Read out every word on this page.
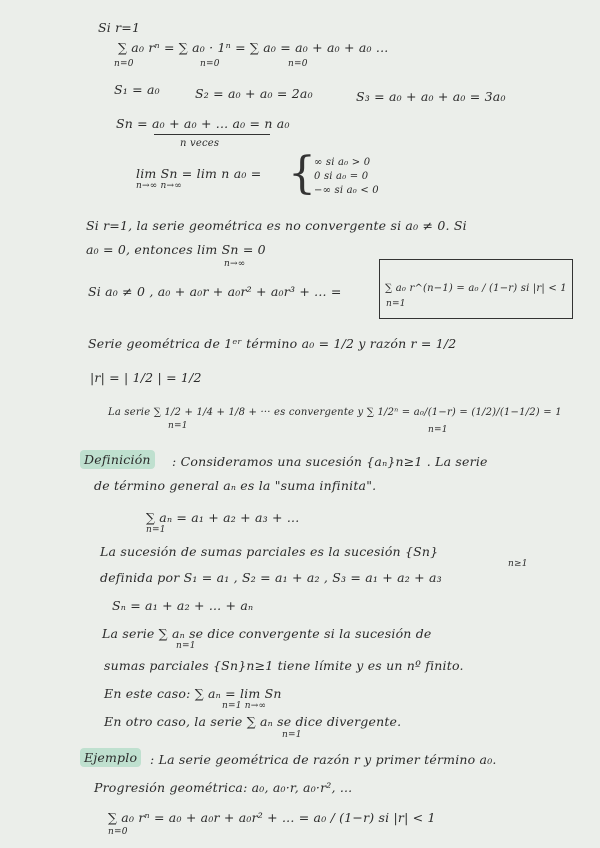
Si r=1
∑ a₀ rⁿ = ∑ a₀ · 1ⁿ = ∑ a₀ = a₀ + a₀ + a₀ ...
n=0	n=0	n=0
S₁ = a₀	S₂ = a₀ + a₀ = 2a₀	S₃ = a₀ + a₀ + a₀ = 3a₀
Sn = a₀ + a₀ + ... a₀ = n a₀
n veces
lim Sn = lim n a₀ =
n→∞ n→∞ {
∞ si a₀ > 0
0 si a₀ = 0
−∞ si a₀ < 0
Si r=1, la serie geométrica es no convergente si a₀ ≠ 0. Si
a₀ = 0, entonces lim Sn = 0
n→∞
Si a₀ ≠ 0 , a₀ + a₀r + a₀r² + a₀r³ + ... =	∑ a₀ r^(n−1) = a₀ / (1−r) si |r| < 1
n=1
Serie geométrica de 1ᵉʳ término a₀ = 1/2 y razón r = 1/2
|r| = | 1/2 | = 1/2
La serie ∑ 1/2 + 1/4 + 1/8 + ··· es convergente y ∑ 1/2ⁿ = a₀/(1−r) = (1/2)/(1−1/2) = 1
n=1	n=1
Definición	: Consideramos una sucesión {aₙ}n≥1 . La serie
de término general aₙ es la "suma infinita".
∑ aₙ = a₁ + a₂ + a₃ + ...
n=1
La sucesión de sumas parciales es la sucesión {Sn}
n≥1
definida por S₁ = a₁ , S₂ = a₁ + a₂ , S₃ = a₁ + a₂ + a₃
Sₙ = a₁ + a₂ + ... + aₙ
La serie ∑ aₙ se dice convergente si la sucesión de
n=1
sumas parciales {Sn}n≥1 tiene límite y es un nº finito.
En este caso: ∑ aₙ = lim Sn
n=1 n→∞
En otro caso, la serie ∑ aₙ se dice divergente.
n=1
Ejemplo	: La serie geométrica de razón r y primer término a₀.
Progresión geométrica: a₀, a₀·r, a₀·r², ...
∑ a₀ rⁿ = a₀ + a₀r + a₀r² + ... = a₀ / (1−r) si |r| < 1
n=0
